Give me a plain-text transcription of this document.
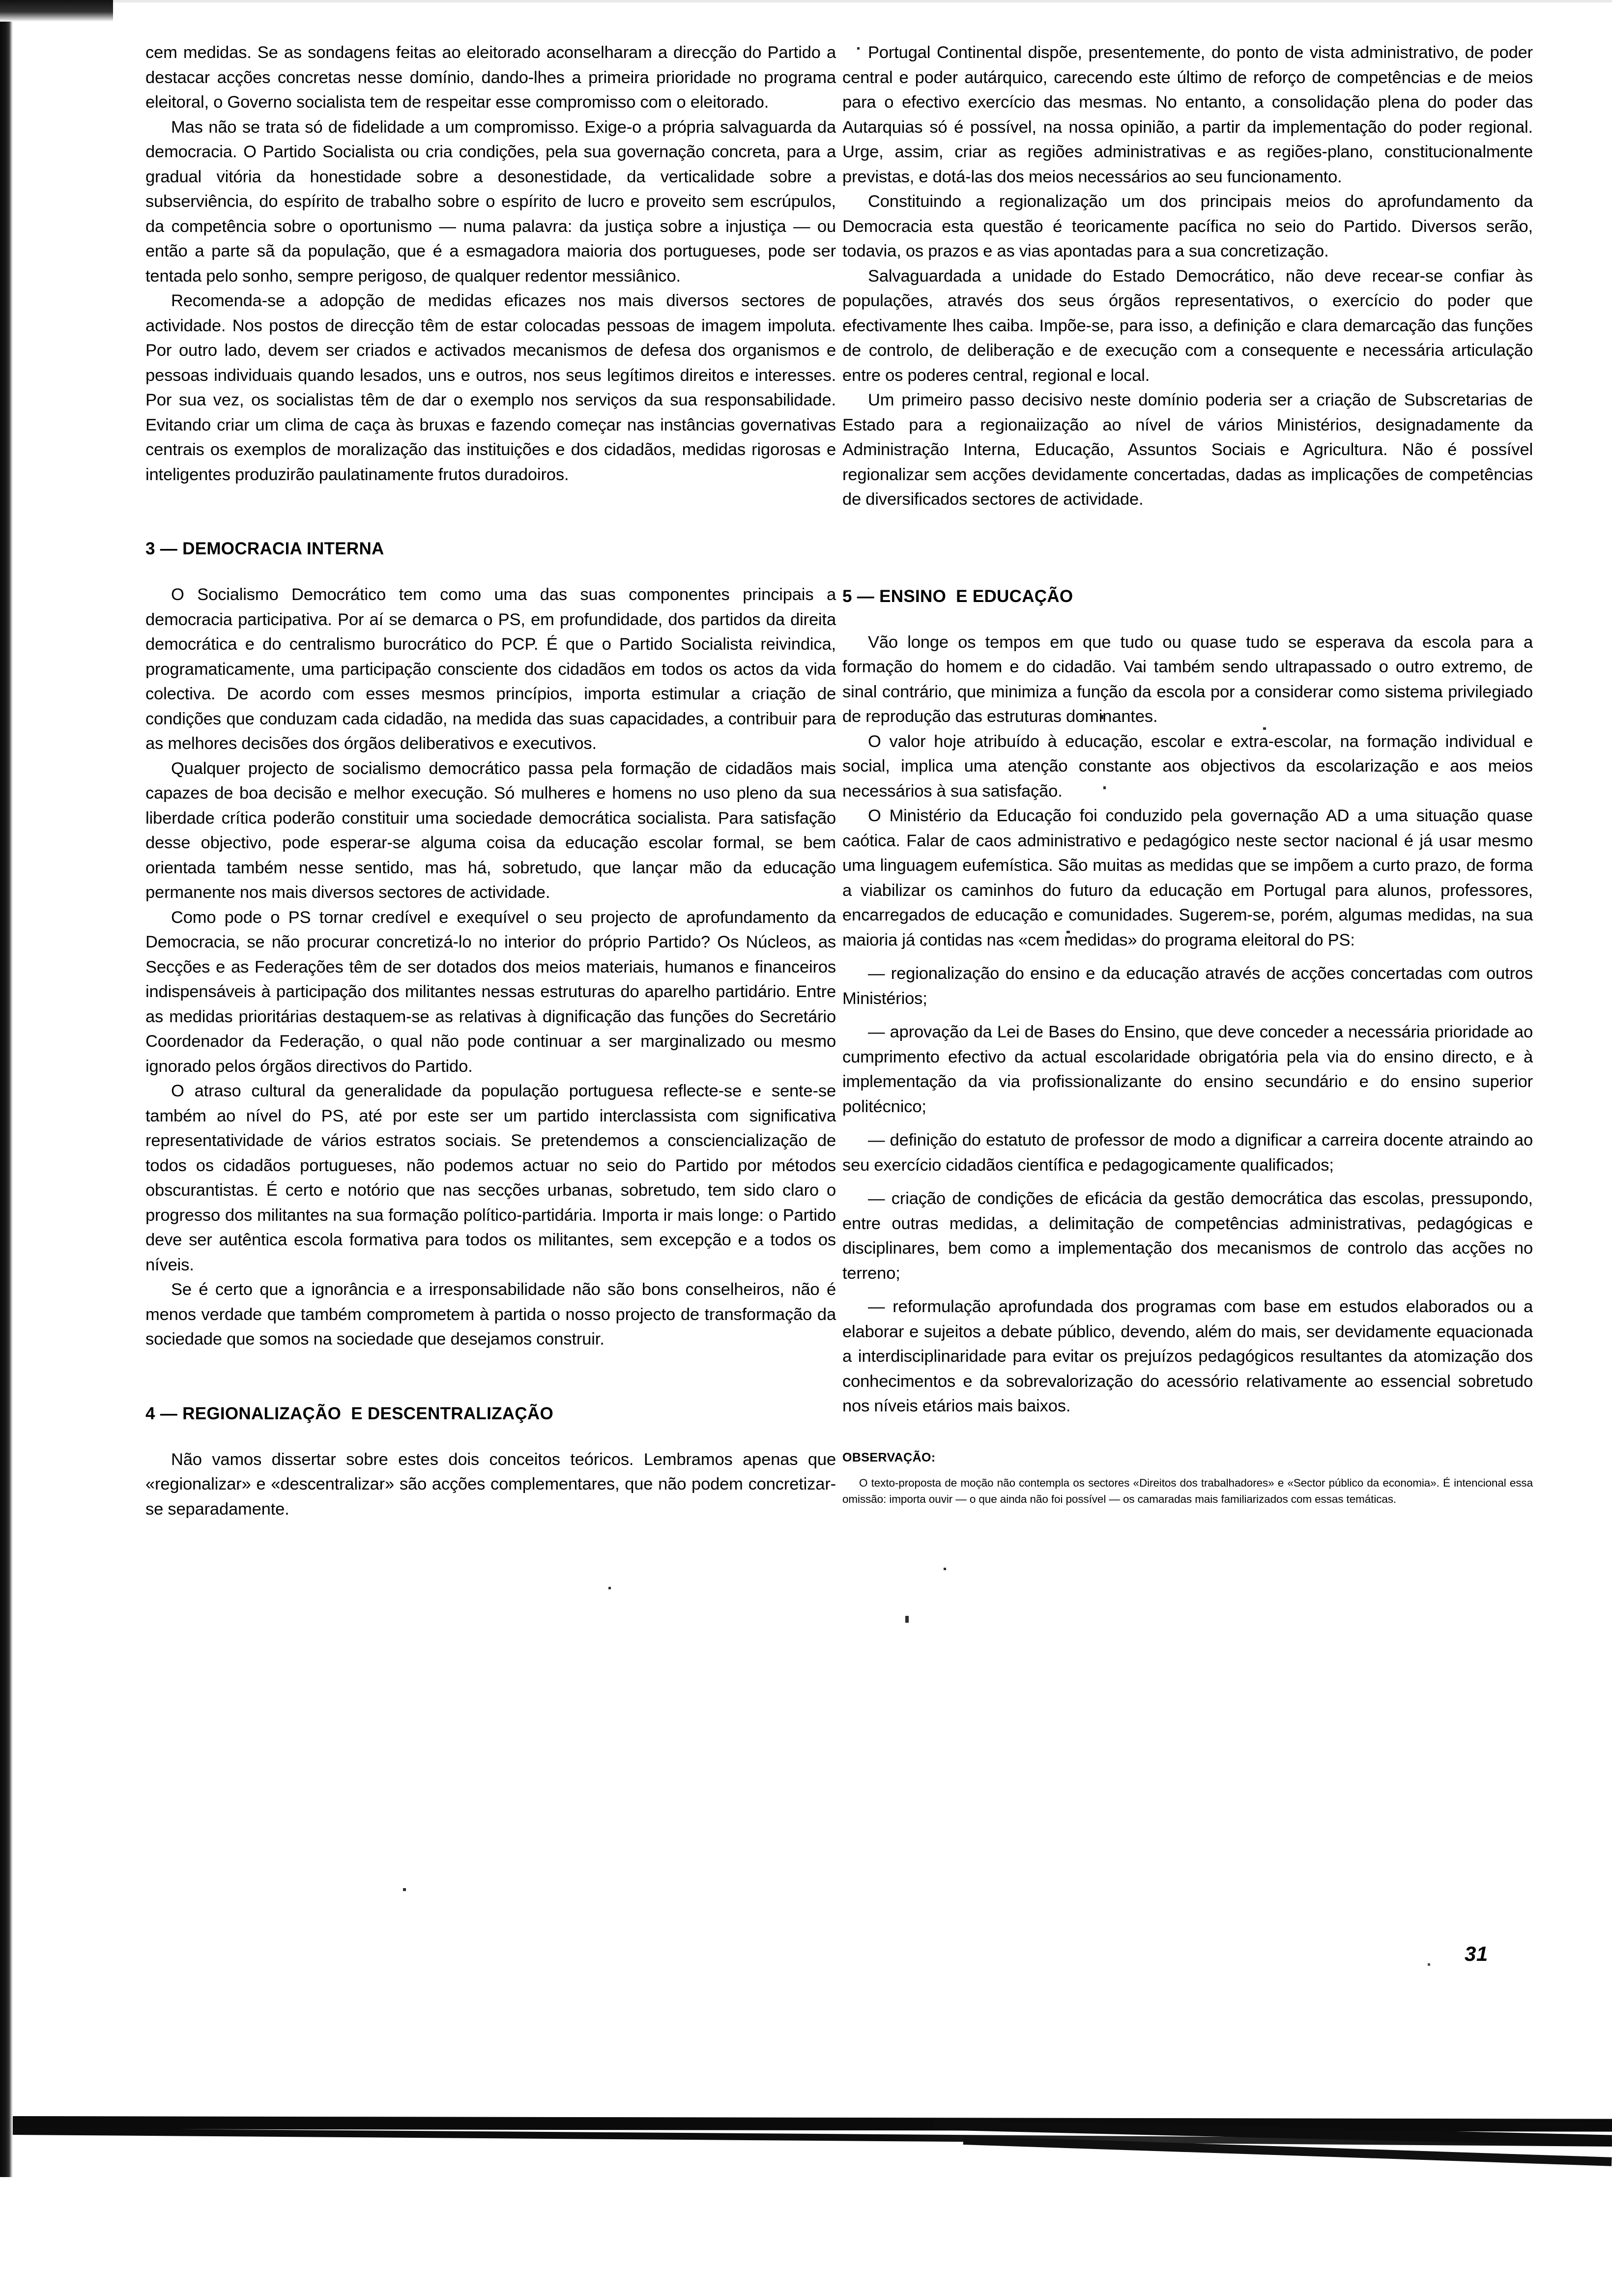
cem medidas. Se as sondagens feitas ao eleitorado aconselharam a direcção do Partido a destacar acções concretas nesse domínio, dando-lhes a primeira prioridade no programa eleitoral, o Governo socialista tem de respeitar esse compromisso com o eleitorado.

Mas não se trata só de fidelidade a um compromisso. Exige-o a própria salvaguarda da democracia. O Partido Socialista ou cria condições, pela sua governação concreta, para a gradual vitória da honestidade sobre a desonestidade, da verticalidade sobre a subserviência, do espírito de trabalho sobre o espírito de lucro e proveito sem escrúpulos, da competência sobre o oportunismo — numa palavra: da justiça sobre a injustiça — ou então a parte sã da população, que é a esmagadora maioria dos portugueses, pode ser tentada pelo sonho, sempre perigoso, de qualquer redentor messiânico.

Recomenda-se a adopção de medidas eficazes nos mais diversos sectores de actividade. Nos postos de direcção têm de estar colocadas pessoas de imagem impoluta. Por outro lado, devem ser criados e activados mecanismos de defesa dos organismos e pessoas individuais quando lesados, uns e outros, nos seus legítimos direitos e interesses. Por sua vez, os socialistas têm de dar o exemplo nos serviços da sua responsabilidade. Evitando criar um clima de caça às bruxas e fazendo começar nas instâncias governativas centrais os exemplos de moralização das instituições e dos cidadãos, medidas rigorosas e inteligentes produzirão paulatinamente frutos duradoiros.

3 — DEMOCRACIA INTERNA

O Socialismo Democrático tem como uma das suas componentes principais a democracia participativa. Por aí se demarca o PS, em profundidade, dos partidos da direita democrática e do centralismo burocrático do PCP. É que o Partido Socialista reivindica, programaticamente, uma participação consciente dos cidadãos em todos os actos da vida colectiva. De acordo com esses mesmos princípios, importa estimular a criação de condições que conduzam cada cidadão, na medida das suas capacidades, a contribuir para as melhores decisões dos órgãos deliberativos e executivos.

Qualquer projecto de socialismo democrático passa pela formação de cidadãos mais capazes de boa decisão e melhor execução. Só mulheres e homens no uso pleno da sua liberdade crítica poderão constituir uma sociedade democrática socialista. Para satisfação desse objectivo, pode esperar-se alguma coisa da educação escolar formal, se bem orientada também nesse sentido, mas há, sobretudo, que lançar mão da educação permanente nos mais diversos sectores de actividade.

Como pode o PS tornar credível e exequível o seu projecto de aprofundamento da Democracia, se não procurar concretizá-lo no interior do próprio Partido? Os Núcleos, as Secções e as Federações têm de ser dotados dos meios materiais, humanos e financeiros indispensáveis à participação dos militantes nessas estruturas do aparelho partidário. Entre as medidas prioritárias destaquem-se as relativas à dignificação das funções do Secretário Coordenador da Federação, o qual não pode continuar a ser marginalizado ou mesmo ignorado pelos órgãos directivos do Partido.

O atraso cultural da generalidade da população portuguesa reflecte-se e sente-se também ao nível do PS, até por este ser um partido interclassista com significativa representatividade de vários estratos sociais. Se pretendemos a consciencialização de todos os cidadãos portugueses, não podemos actuar no seio do Partido por métodos obscurantistas. É certo e notório que nas secções urbanas, sobretudo, tem sido claro o progresso dos militantes na sua formação político-partidária. Importa ir mais longe: o Partido deve ser autêntica escola formativa para todos os militantes, sem excepção e a todos os níveis.

Se é certo que a ignorância e a irresponsabilidade não são bons conselheiros, não é menos verdade que também comprometem à partida o nosso projecto de transformação da sociedade que somos na sociedade que desejamos construir.

4 — REGIONALIZAÇÃO  E DESCENTRALIZAÇÃO

Não vamos dissertar sobre estes dois conceitos teóricos. Lembramos apenas que «regionalizar» e «descentralizar» são acções complementares, que não podem concretizar-se separadamente.

Portugal Continental dispõe, presentemente, do ponto de vista administrativo, de poder central e poder autárquico, carecendo este último de reforço de competências e de meios para o efectivo exercício das mesmas. No entanto, a consolidação plena do poder das Autarquias só é possível, na nossa opinião, a partir da implementação do poder regional. Urge, assim, criar as regiões administrativas e as regiões-plano, constitucionalmente previstas, e dotá-las dos meios necessários ao seu funcionamento.

Constituindo a regionalização um dos principais meios do aprofundamento da Democracia esta questão é teoricamente pacífica no seio do Partido. Diversos serão, todavia, os prazos e as vias apontadas para a sua concretização.

Salvaguardada a unidade do Estado Democrático, não deve recear-se confiar às populações, através dos seus órgãos representativos, o exercício do poder que efectivamente lhes caiba. Impõe-se, para isso, a definição e clara demarcação das funções de controlo, de deliberação e de execução com a consequente e necessária articulação entre os poderes central, regional e local.

Um primeiro passo decisivo neste domínio poderia ser a criação de Subscretarias de Estado para a regionaiização ao nível de vários Ministérios, designadamente da Administração Interna, Educação, Assuntos Sociais e Agricultura. Não é possível regionalizar sem acções devidamente concertadas, dadas as implicações de competências de diversificados sectores de actividade.

5 — ENSINO  E EDUCAÇÃO

Vão longe os tempos em que tudo ou quase tudo se esperava da escola para a formação do homem e do cidadão. Vai também sendo ultrapassado o outro extremo, de sinal contrário, que minimiza a função da escola por a considerar como sistema privilegiado de reprodução das estruturas dominantes.

O valor hoje atribuído à educação, escolar e extra-escolar, na formação individual e social, implica uma atenção constante aos objectivos da escolarização e aos meios necessários à sua satisfação.

O Ministério da Educação foi conduzido pela governação AD a uma situação quase caótica. Falar de caos administrativo e pedagógico neste sector nacional é já usar mesmo uma linguagem eufemística. São muitas as medidas que se impõem a curto prazo, de forma a viabilizar os caminhos do futuro da educação em Portugal para alunos, professores, encarregados de educação e comunidades. Sugerem-se, porém, algumas medidas, na sua maioria já contidas nas «cem medidas» do programa eleitoral do PS:

— regionalização do ensino e da educação através de acções concertadas com outros Ministérios;

— aprovação da Lei de Bases do Ensino, que deve conceder a necessária prioridade ao cumprimento efectivo da actual escolaridade obrigatória pela via do ensino directo, e à implementação da via profissionalizante do ensino secundário e do ensino superior politécnico;

— definição do estatuto de professor de modo a dignificar a carreira docente atraindo ao seu exercício cidadãos científica e pedagogicamente qualificados;

— criação de condições de eficácia da gestão democrática das escolas, pressupondo, entre outras medidas, a delimitação de competências administrativas, pedagógicas e disciplinares, bem como a implementação dos mecanismos de controlo das acções no terreno;

— reformulação aprofundada dos programas com base em estudos elaborados ou a elaborar e sujeitos a debate público, devendo, além do mais, ser devidamente equacionada a interdisciplinaridade para evitar os prejuízos pedagógicos resultantes da atomização dos conhecimentos e da sobrevalorização do acessório relativamente ao essencial sobretudo nos níveis etários mais baixos.

OBSERVAÇÃO:

O texto-proposta de moção não contempla os sectores «Direitos dos trabalhadores» e «Sector público da economia». É intencional essa omissão: importa ouvir — o que ainda não foi possível — os camaradas mais familiarizados com essas temáticas.

31
